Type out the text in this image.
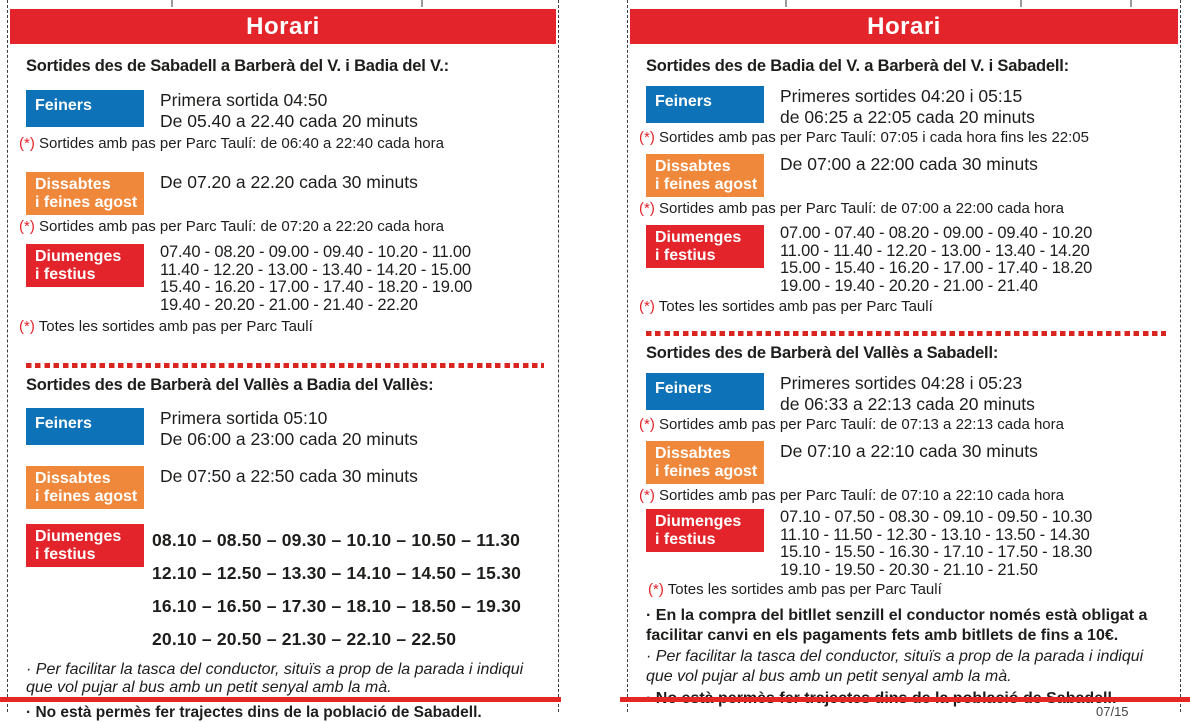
Horari
Sortides des de Sabadell a Barberà del V. i Badia del V.:
Feiners	Primera sortida 04:50
De 05.40 a 22.40 cada 20 minuts
(*) Sortides amb pas per Parc Taulí: de 06:40 a 22:40 cada hora
Dissabtes
i feines agost
De 07.20 a 22.20 cada 30 minuts
(*) Sortides amb pas per Parc Taulí: de 07:20 a 22:20 cada hora
Diumenges
i festius
07.40 - 08.20 - 09.00 - 09.40 - 10.20 - 11.00
11.40 - 12.20 - 13.00 - 13.40 - 14.20 - 15.00
15.40 - 16.20 - 17.00 - 17.40 - 18.20 - 19.00
19.40 - 20.20 - 21.00 - 21.40 - 22.20
(*) Totes les sortides amb pas per Parc Taulí
Sortides des de Barberà del Vallès a Badia del Vallès:
Feiners	Primera sortida 05:10
De 06:00 a 23:00 cada 20 minuts
Dissabtes
i feines agost
De 07:50 a 22:50 cada 30 minuts
Diumenges
i festius
08.10 – 08.50 – 09.30 – 10.10 – 10.50 – 11.30
12.10 – 12.50 – 13.30 – 14.10 – 14.50 – 15.30
16.10 – 16.50 – 17.30 – 18.10 – 18.50 – 19.30
20.10 – 20.50 – 21.30 – 22.10 – 22.50
· Per facilitar la tasca del conductor, situïs a prop de la parada i indiqui que vol pujar al bus amb un petit senyal amb la mà.
· No està permès fer trajectes dins de la població de Sabadell.
Horari
Sortides des de Badia del V. a Barberà del V. i Sabadell:
Feiners	Primeres sortides 04:20 i 05:15
de 06:25 a 22:05 cada 20 minuts
(*) Sortides amb pas per Parc Taulí: 07:05 i cada hora fins les 22:05
Dissabtes
i feines agost
De 07:00 a 22:00 cada 30 minuts
(*) Sortides amb pas per Parc Taulí: de 07:00 a 22:00 cada hora
Diumenges
i festius
07.00 - 07.40 - 08.20 - 09.00 - 09.40 - 10.20
11.00 - 11.40 - 12.20 - 13.00 - 13.40 - 14.20
15.00 - 15.40 - 16.20 - 17.00 - 17.40 - 18.20
19.00 - 19.40 - 20.20 - 21.00 - 21.40
(*) Totes les sortides amb pas per Parc Taulí
Sortides des de Barberà del Vallès a Sabadell:
Feiners	Primeres sortides 04:28 i 05:23
de 06:33 a 22:13 cada 20 minuts
(*) Sortides amb pas per Parc Taulí: de 07:13 a 22:13 cada hora
Dissabtes
i feines agost
De 07:10 a 22:10 cada 30 minuts
(*) Sortides amb pas per Parc Taulí: de 07:10 a 22:10 cada hora
Diumenges
i festius
07.10 - 07.50 - 08.30 - 09.10 - 09.50 - 10.30
11.10 - 11.50 - 12.30 - 13.10 - 13.50 - 14.30
15.10 - 15.50 - 16.30 - 17.10 - 17.50 - 18.30
19.10 - 19.50 - 20.30 - 21.10 - 21.50
(*) Totes les sortides amb pas per Parc Taulí
· En la compra del bitllet senzill el conductor només està obligat a facilitar canvi en els pagaments fets amb bitllets de fins a 10€.
· Per facilitar la tasca del conductor, situïs a prop de la parada i indiqui que vol pujar al bus amb un petit senyal amb la mà.
07/15
